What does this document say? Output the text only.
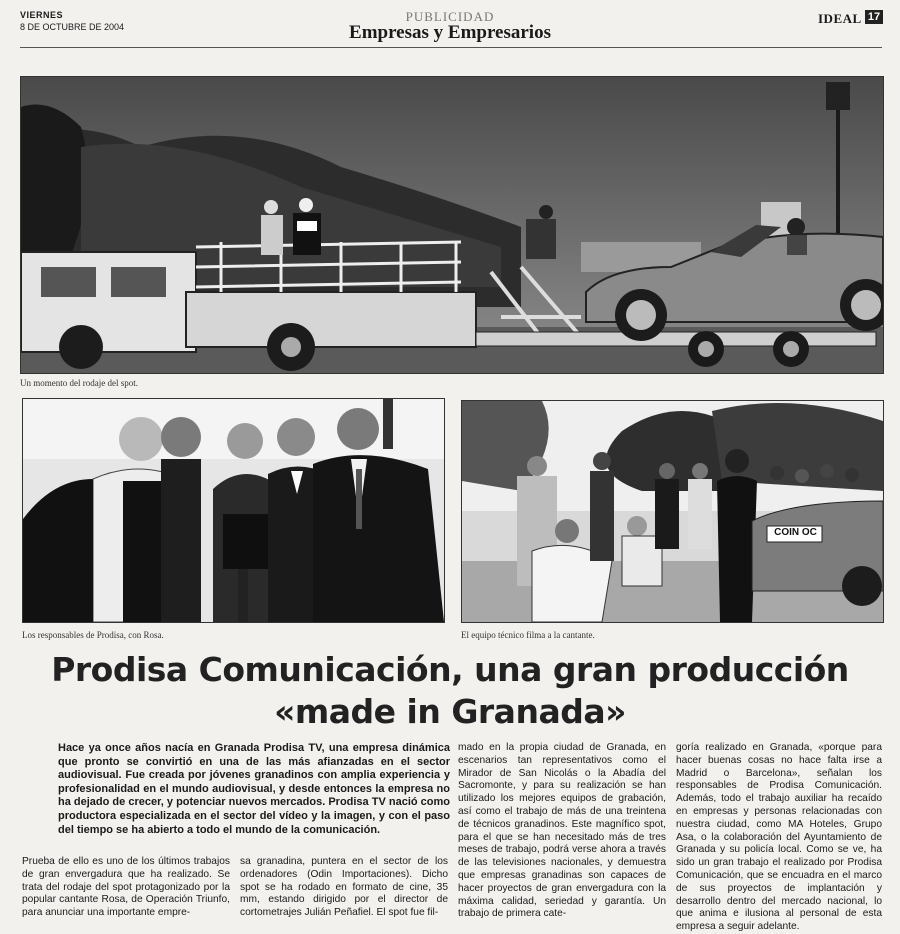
VIERNES
8 DE OCTUBRE DE 2004
PUBLICIDAD
Empresas y Empresarios
IDEAL 17
Un momento del rodaje del spot.
Los responsables de Prodisa, con Rosa.
COIN OC
El equipo técnico filma a la cantante.
Prodisa Comunicación, una gran producción
«made in Granada»
Hace ya once años nacía en Granada Prodisa TV, una empresa dinámica que pronto se convirtió en una de las más afianzadas en el sector audiovisual. Fue creada por jóvenes granadinos con amplia experiencia y profesionalidad en el mundo audiovisual, y desde entonces la empresa no ha dejado de crecer, y potenciar nuevos mercados. Prodisa TV nació como productora especializada en el sector del vídeo y la imagen, y con el paso del tiempo se ha abierto a todo el mundo de la comunicación.
Prueba de ello es uno de los últimos trabajos de gran envergadura que ha realizado. Se trata del rodaje del spot protagonizado por la popular cantante Rosa, de Operación Triunfo, para anunciar una importante empre-
sa granadina, puntera en el sector de los ordenadores (Odin Importaciones). Dicho spot se ha rodado en formato de cine, 35 mm, estando dirigido por el director de cortometrajes Julián Peñafiel. El spot fue fil-
mado en la propia ciudad de Granada, en escenarios tan representativos como el Mirador de San Nicolás o la Abadía del Sacromonte, y para su realización se han utilizado los mejores equipos de grabación, así como el trabajo de más de una treintena de técnicos granadinos. Este magnífico spot, para el que se han necesitado más de tres meses de trabajo, podrá verse ahora a través de las televisiones nacionales, y demuestra que empresas granadinas son capaces de hacer proyectos de gran envergadura con la máxima calidad, seriedad y garantía. Un trabajo de primera cate-
goría realizado en Granada, «porque para hacer buenas cosas no hace falta irse a Madrid o Barcelona», señalan los responsables de Prodisa Comunicación. Además, todo el trabajo auxiliar ha recaído en empresas y personas relacionadas con nuestra ciudad, como MA Hoteles, Grupo Asa, o la colaboración del Ayuntamiento de Granada y su policía local. Como se ve, ha sido un gran trabajo el realizado por Prodisa Comunicación, que se encuadra en el marco de sus proyectos de implantación y desarrollo dentro del mercado nacional, lo que anima e ilusiona al personal de esta empresa a seguir adelante.
